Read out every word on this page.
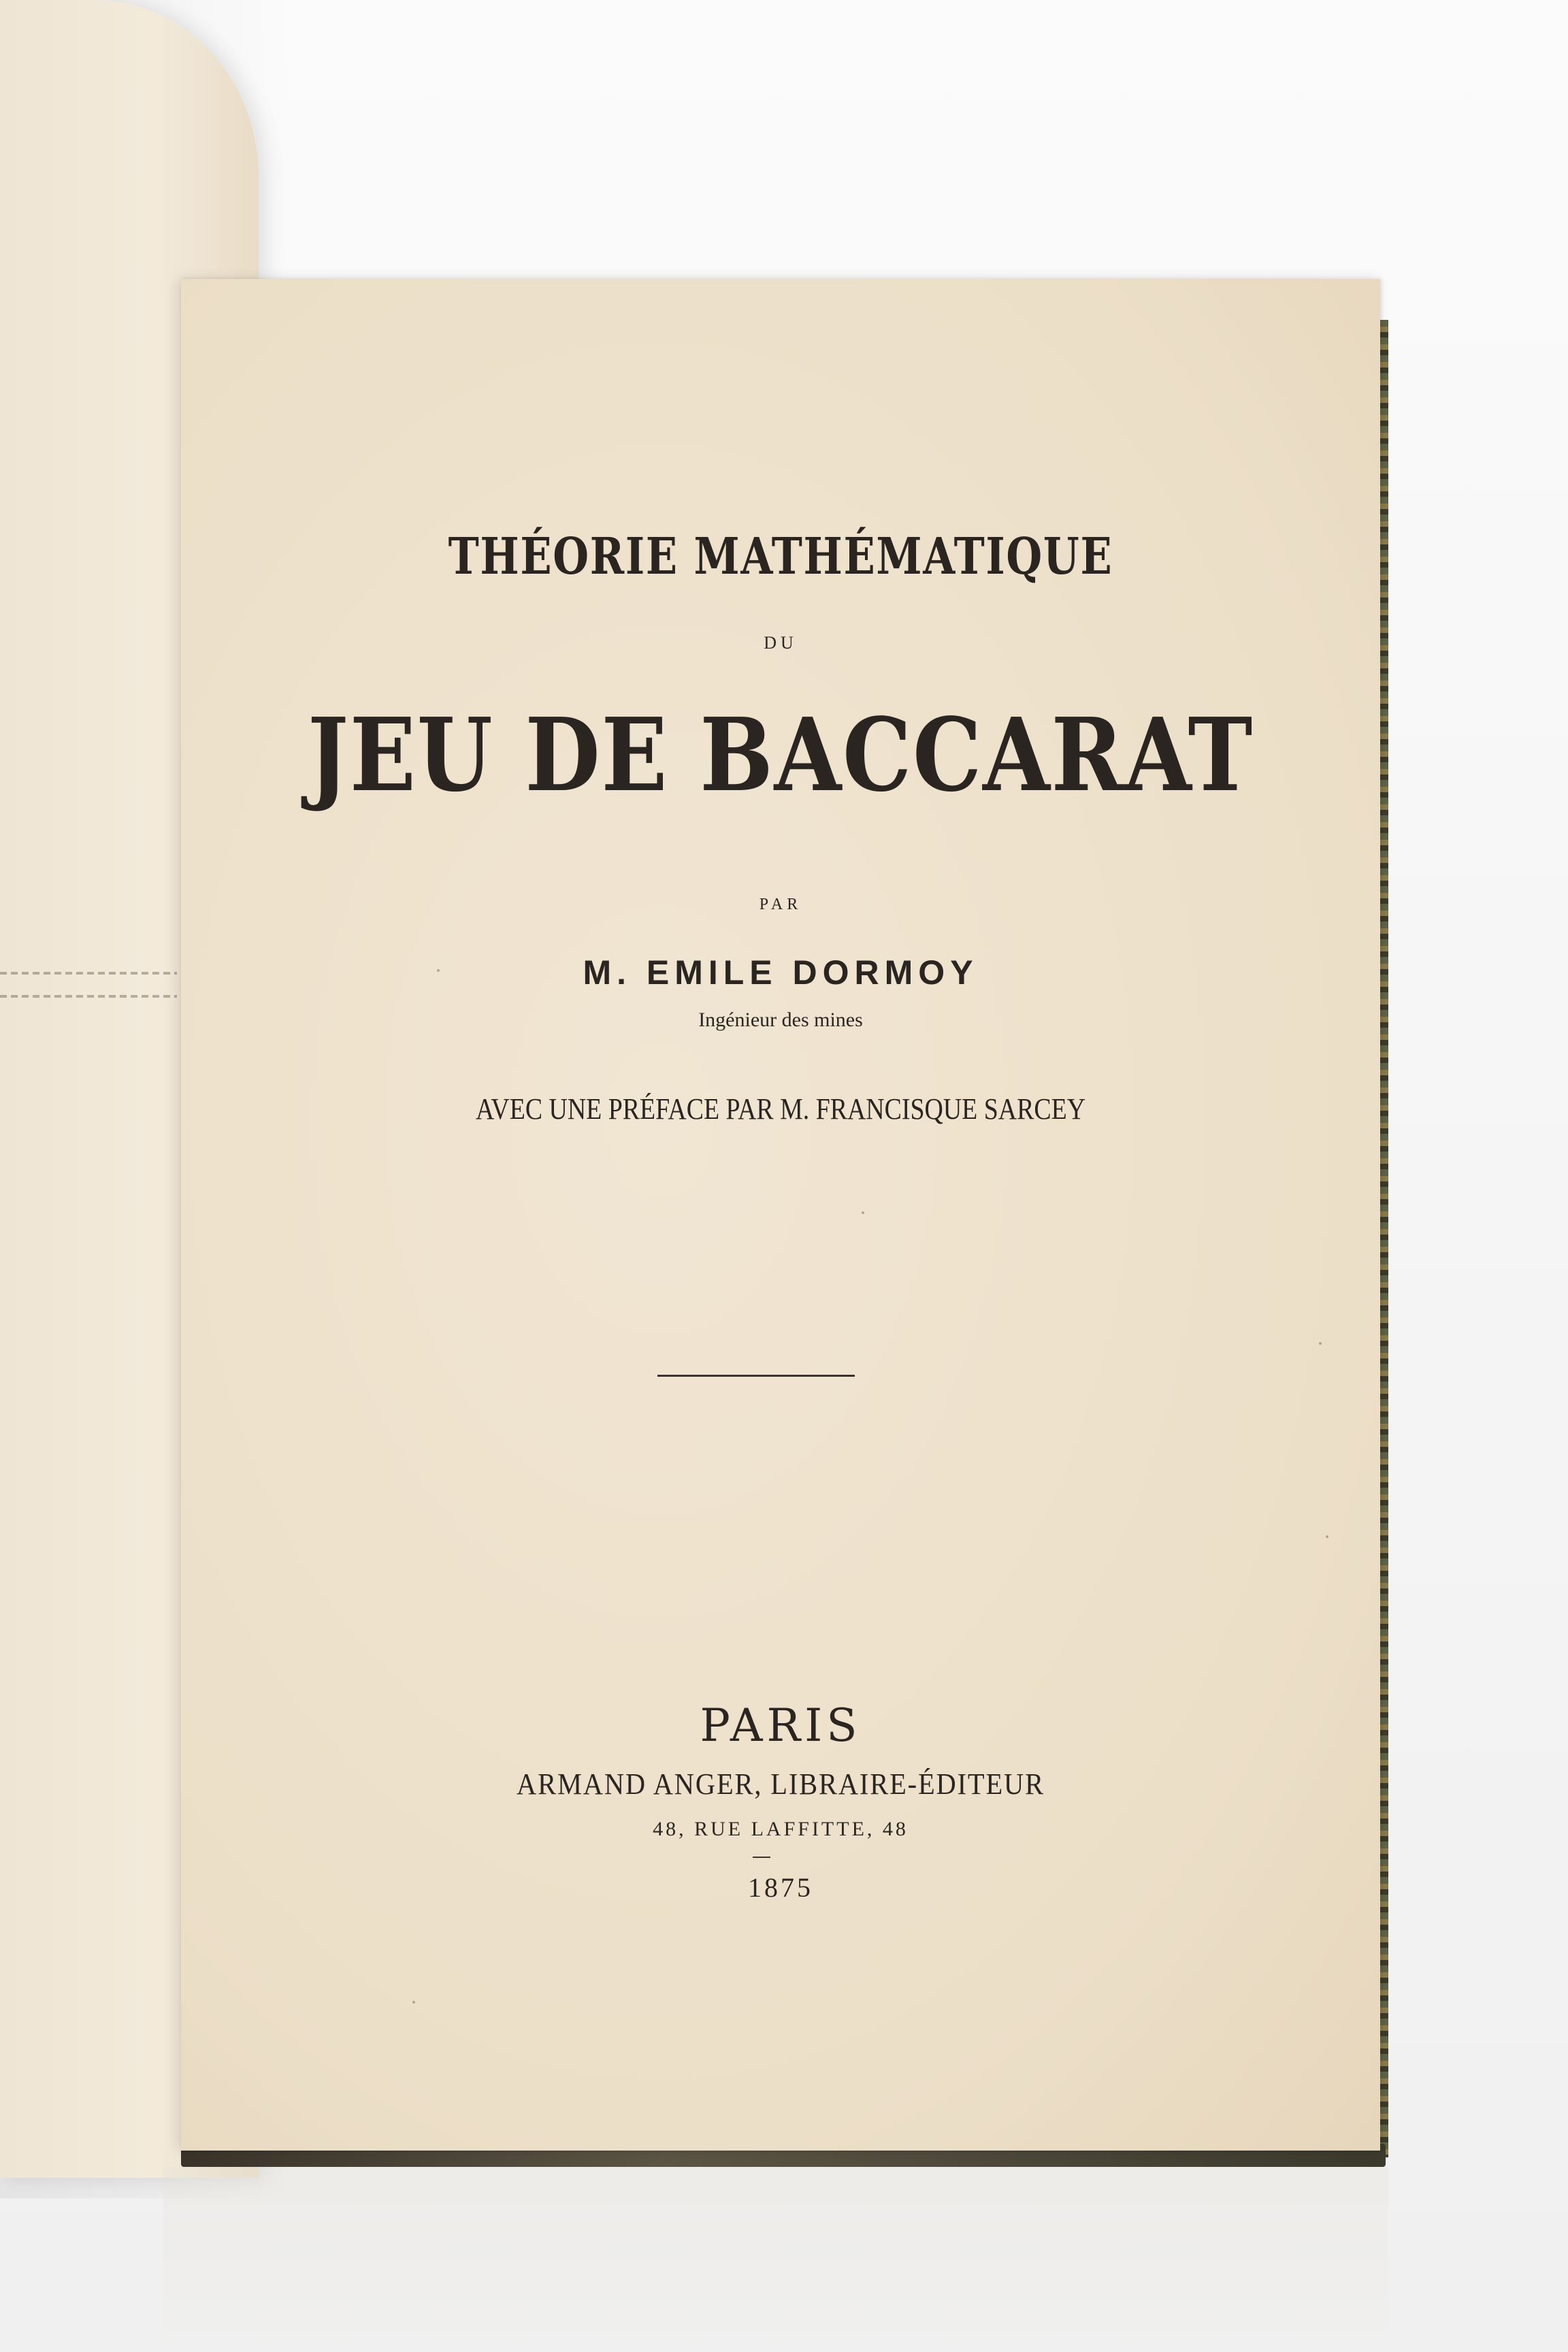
THÉORIE MATHÉMATIQUE
DU
JEU DE BACCARAT
PAR
M. EMILE DORMOY
Ingénieur des mines
AVEC UNE PRÉFACE PAR M. FRANCISQUE SARCEY
PARIS
ARMAND ANGER, LIBRAIRE-ÉDITEUR
48, RUE LAFFITTE, 48
1875
